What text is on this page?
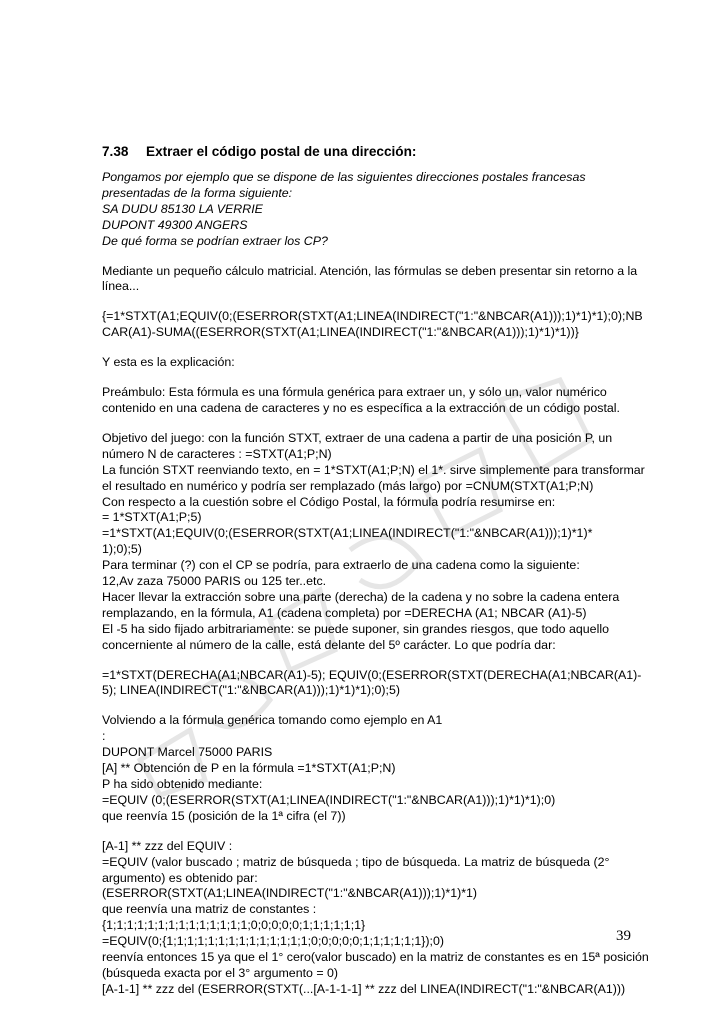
7.38 Extraer el código postal de una dirección:
Pongamos por ejemplo que se dispone de las siguientes direcciones postales francesas
presentadas de la forma siguiente:
SA DUDU 85130 LA VERRIE
DUPONT 49300 ANGERS
De qué forma se podrían extraer los CP?
Mediante un pequeño cálculo matricial. Atención, las fórmulas se deben presentar sin retorno a la
línea...
{=1*STXT(A1;EQUIV(0;(ESERROR(STXT(A1;LINEA(INDIRECT("1:"&NBCAR(A1)));1)*1)*1);0);NB
CAR(A1)-SUMA((ESERROR(STXT(A1;LINEA(INDIRECT("1:"&NBCAR(A1)));1)*1)*1))}
Y esta es la explicación:
Preámbulo: Esta fórmula es una fórmula genérica para extraer un, y sólo un, valor numérico
contenido en una cadena de caracteres y no es específica a la extracción de un código postal.
Objetivo del juego: con la función STXT, extraer de una cadena a partir de una posición P, un
número N de caracteres : =STXT(A1;P;N)
La función STXT reenviando texto, en = 1*STXT(A1;P;N) el 1*. sirve simplemente para transformar
el resultado en numérico y podría ser remplazado (más largo) por =CNUM(STXT(A1;P;N)
Con respecto a la cuestión sobre el Código Postal, la fórmula podría resumirse en:
= 1*STXT(A1;P;5)
=1*STXT(A1;EQUIV(0;(ESERROR(STXT(A1;LINEA(INDIRECT("1:"&NBCAR(A1)));1)*1)*
1);0);5)
Para terminar (?) con el CP se podría, para extraerlo de una cadena como la siguiente:
12,Av zaza 75000 PARIS ou 125 ter..etc.
Hacer llevar la extracción sobre una parte (derecha) de la cadena y no sobre la cadena entera
remplazando, en la fórmula, A1 (cadena completa) por =DERECHA (A1; NBCAR (A1)-5)
El -5 ha sido fijado arbitrariamente: se puede suponer, sin grandes riesgos, que todo aquello
concerniente al número de la calle, está delante del 5º carácter. Lo que podría dar:
=1*STXT(DERECHA(A1;NBCAR(A1)-5); EQUIV(0;(ESERROR(STXT(DERECHA(A1;NBCAR(A1)-
5); LINEA(INDIRECT("1:"&NBCAR(A1)));1)*1)*1);0);5)
Volviendo a la fórmula genérica tomando como ejemplo en A1
:
DUPONT Marcel 75000 PARIS
[A] ** Obtención de P en la fórmula =1*STXT(A1;P;N)
P ha sido obtenido mediante:
=EQUIV (0;(ESERROR(STXT(A1;LINEA(INDIRECT("1:"&NBCAR(A1)));1)*1)*1);0)
que reenvía 15 (posición de la 1ª cifra (el 7))
[A-1] ** zzz del EQUIV :
=EQUIV (valor buscado ; matriz de búsqueda ; tipo de búsqueda. La matriz de búsqueda (2°
argumento) es obtenido par:
(ESERROR(STXT(A1;LINEA(INDIRECT("1:"&NBCAR(A1)));1)*1)*1)
que reenvía una matriz de constantes :
{1;1;1;1;1;1;1;1;1;1;1;1;1;1;0;0;0;0;0;1;1;1;1;1;1}
=EQUIV(0;{1;1;1;1;1;1;1;1;1;1;1;1;1;1;0;0;0;0;0;1;1;1;1;1;1});0)
reenvía entonces 15 ya que el 1° cero(valor buscado) en la matriz de constantes es en 15ª posición
(búsqueda exacta por el 3° argumento = 0)
[A-1-1] ** zzz del (ESERROR(STXT(...[A-1-1-1] ** zzz del LINEA(INDIRECT("1:"&NBCAR(A1)))
39
